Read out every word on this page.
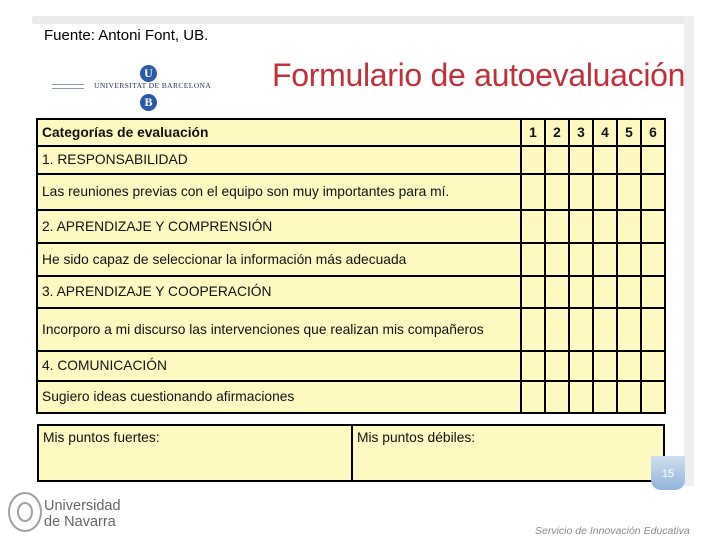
Fuente: Antoni Font, UB.
U
UNIVERSITAT DE BARCELONA
B
Formulario de autoevaluación
Categorías de evaluación	1	2	3	4	5	6
1. RESPONSABILIDAD						
Las reuniones previas con el equipo son muy importantes para mí.						
2. APRENDIZAJE Y COMPRENSIÓN						
He sido capaz de seleccionar la información más adecuada						
3. APRENDIZAJE Y COOPERACIÓN						
Incorporo a mi discurso las intervenciones que realizan mis compañeros						
4. COMUNICACIÓN						
Sugiero ideas cuestionando afirmaciones						
Mis puntos fuertes:	Mis puntos débiles:
15
Universidad
de Navarra
Servicio de Innovación Educativa
